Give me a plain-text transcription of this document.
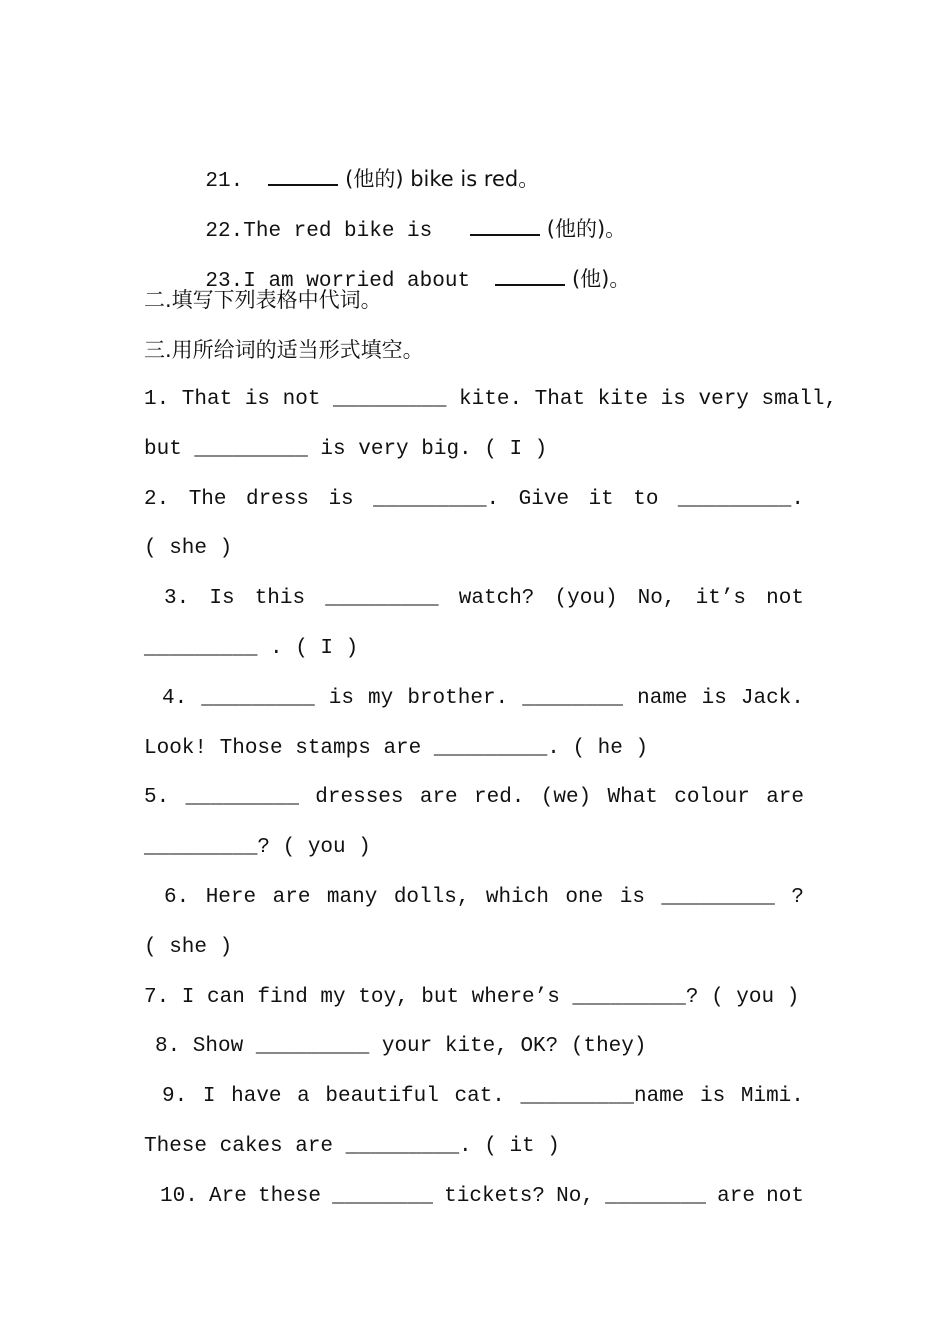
21.	(他的) bike is red。

22.The red bike is	(他的)。

23.I am worried about	(他)。

二.填写下列表格中代词。
三.用所给词的适当形式填空。
1. That is not _________ kite. That kite is very small,
but _________ is very big. ( I )
2. The dress is _________. Give it to _________.
( she )
3. Is this _________ watch? (you) No, it’s not
_________ . ( I )
4. _________ is my brother. ________ name is Jack.
Look! Those stamps are _________. ( he )
5. _________ dresses are red. (we) What colour are
_________? ( you )
6. Here are many dolls, which one is _________ ?
( she )
7. I can find my toy, but where’s _________? ( you )
8. Show _________ your kite, OK? (they)
9. I have a beautiful cat. _________name is Mimi.
These cakes are _________. ( it )
10. Are these ________ tickets? No, ________ are not
